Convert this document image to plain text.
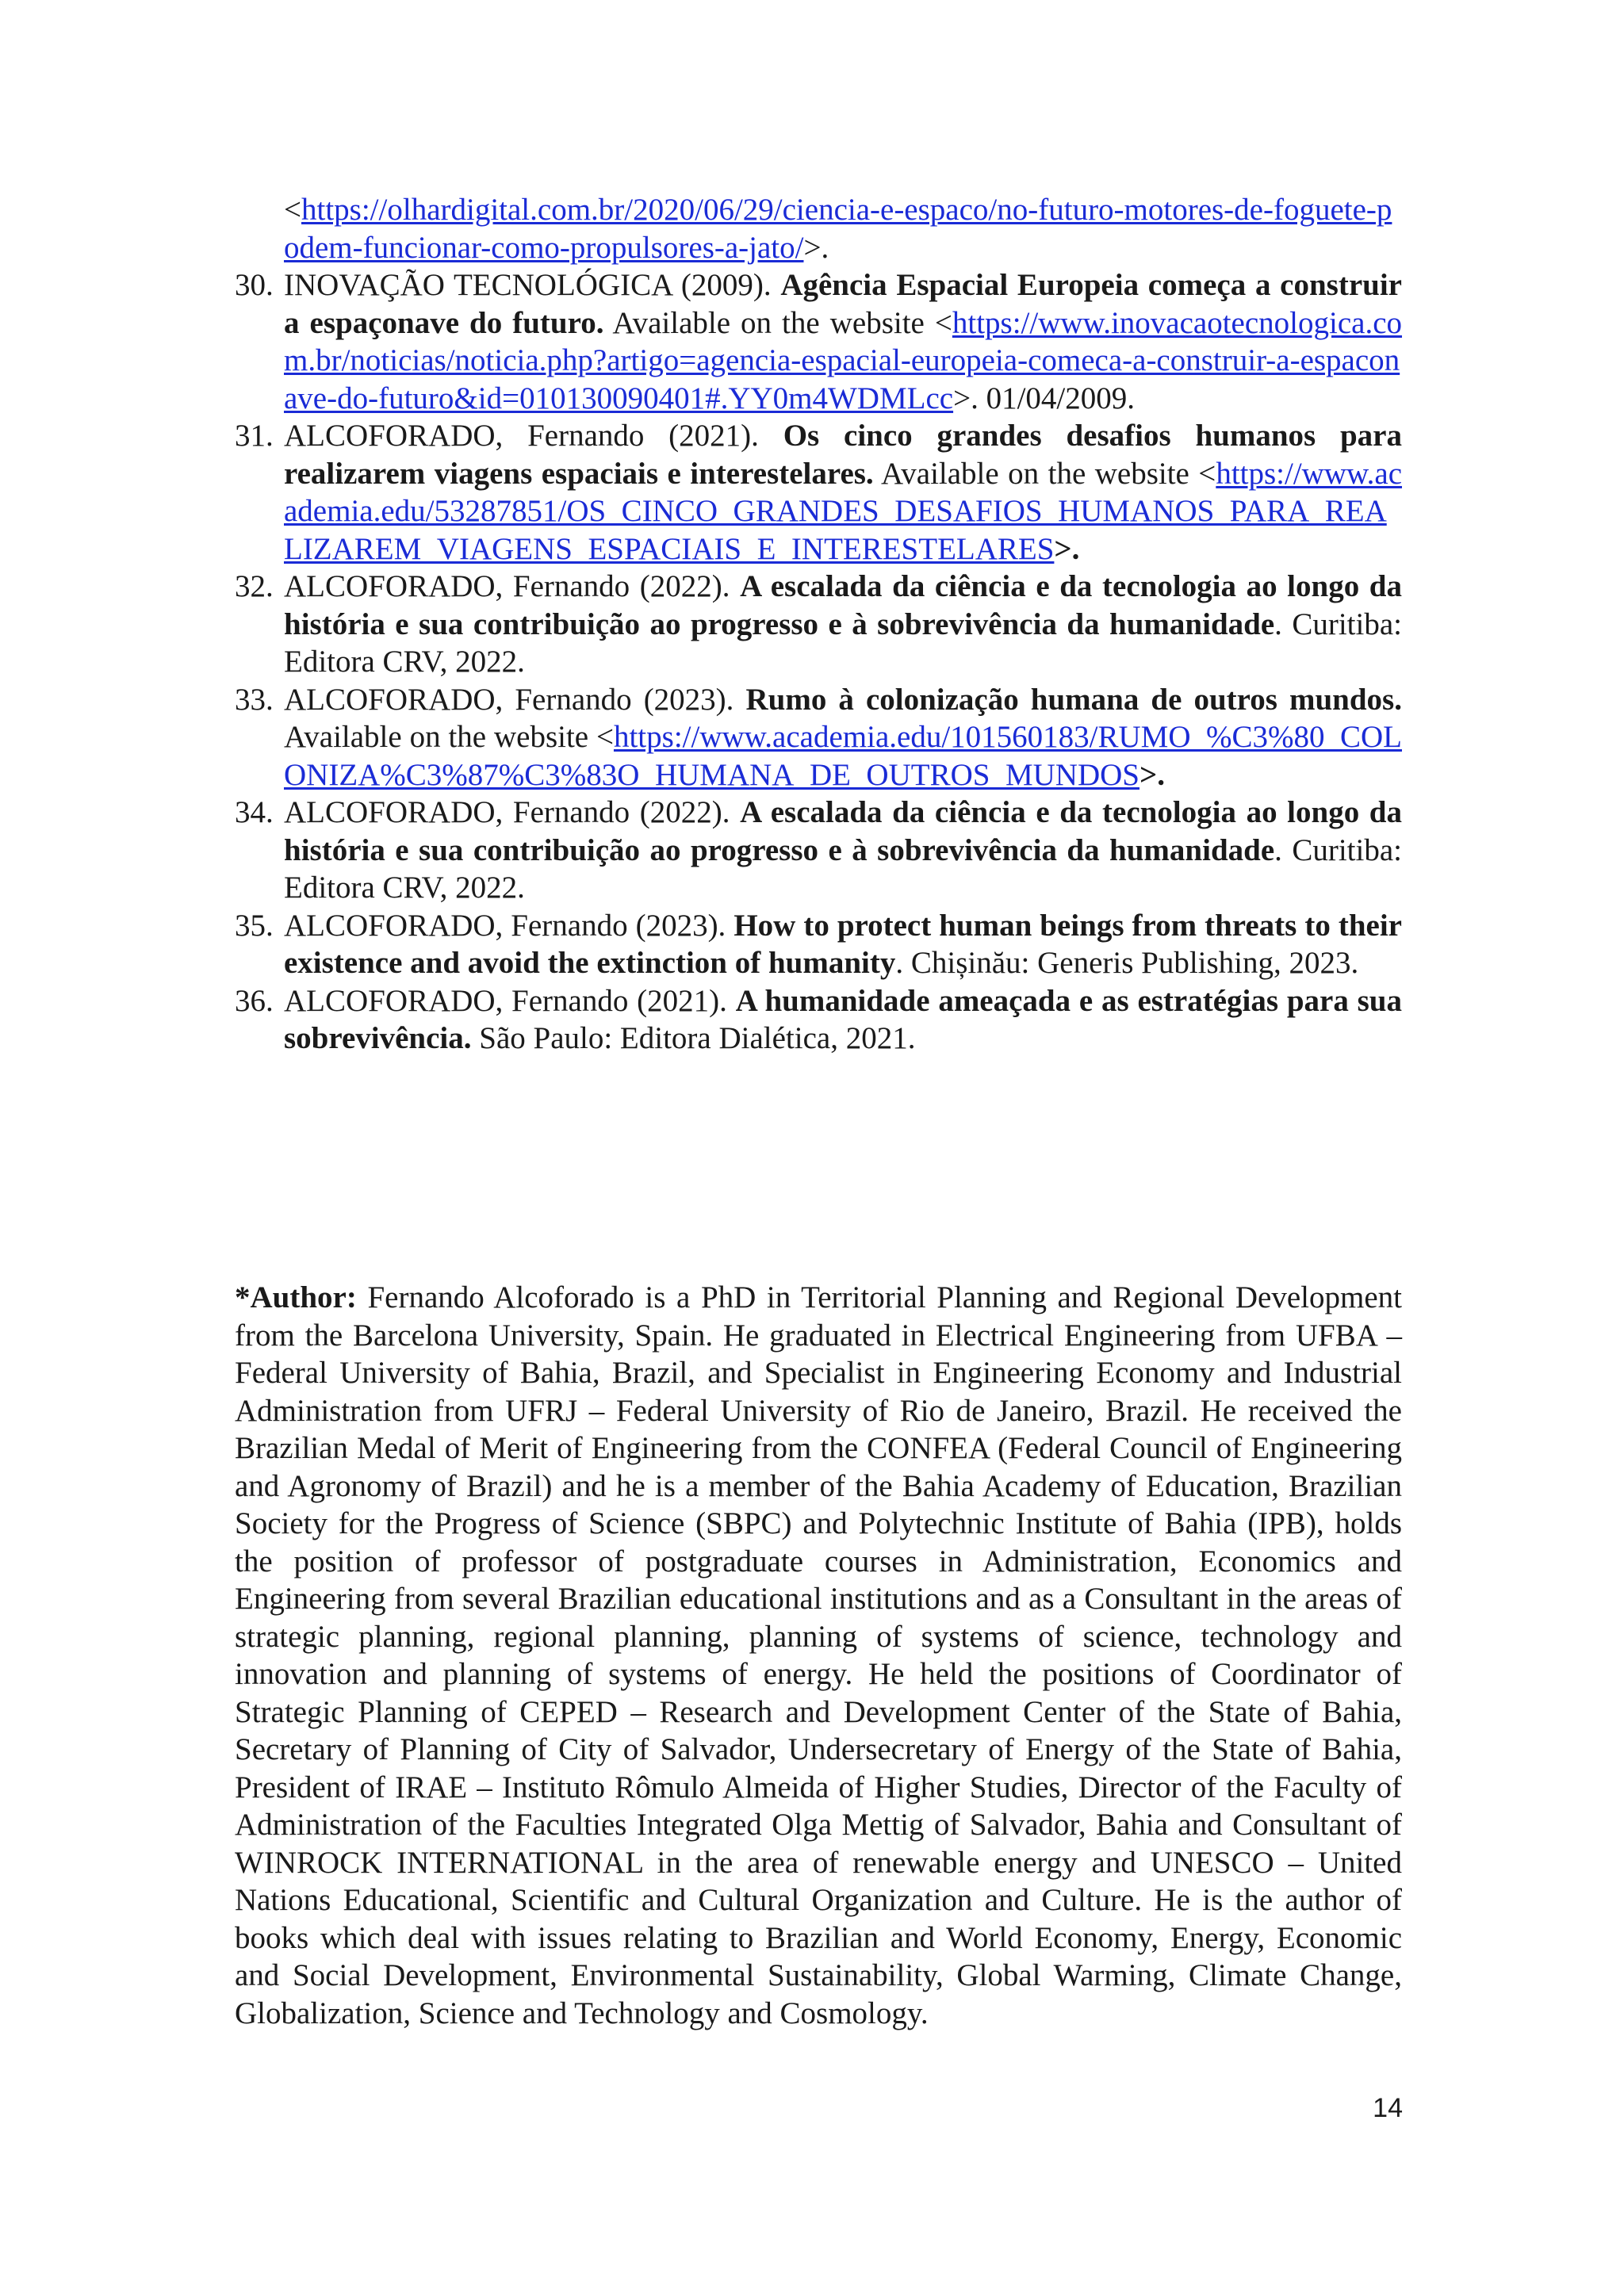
<https://olhardigital.com.br/2020/06/29/ciencia-e-espaco/no-futuro-motores-de-foguete-podem-funcionar-como-propulsores-a-jato/>.
30. INOVAÇÃO TECNOLÓGICA (2009). Agência Espacial Europeia começa a construir a espaçonave do futuro. Available on the website <https://www.inovacaotecnologica.com.br/noticias/noticia.php?artigo=agencia-espacial-europeia-comeca-a-construir-a-espaconave-do-futuro&id=010130090401#.YY0m4WDMLcc>. 01/04/2009.
31. ALCOFORADO, Fernando (2021). Os cinco grandes desafios humanos para realizarem viagens espaciais e interestelares. Available on the website <https://www.academia.edu/53287851/OS_CINCO_GRANDES_DESAFIOS_HUMANOS_PARA_REALIZAREM_VIAGENS_ESPACIAIS_E_INTERESTELARES>.
32. ALCOFORADO, Fernando (2022). A escalada da ciência e da tecnologia ao longo da história e sua contribuição ao progresso e à sobrevivência da humanidade. Curitiba: Editora CRV, 2022.
33. ALCOFORADO, Fernando (2023). Rumo à colonização humana de outros mundos. Available on the website <https://www.academia.edu/101560183/RUMO_%C3%80_COLONIZA%C3%87%C3%83O_HUMANA_DE_OUTROS_MUNDOS>.
34. ALCOFORADO, Fernando (2022). A escalada da ciência e da tecnologia ao longo da história e sua contribuição ao progresso e à sobrevivência da humanidade. Curitiba: Editora CRV, 2022.
35. ALCOFORADO, Fernando (2023). How to protect human beings from threats to their existence and avoid the extinction of humanity. Chișinău: Generis Publishing, 2023.
36. ALCOFORADO, Fernando (2021). A humanidade ameaçada e as estratégias para sua sobrevivência. São Paulo: Editora Dialética, 2021.

*Author: Fernando Alcoforado is a PhD in Territorial Planning and Regional Development from the Barcelona University, Spain. He graduated in Electrical Engineering from UFBA – Federal University of Bahia, Brazil, and Specialist in Engineering Economy and Industrial Administration from UFRJ – Federal University of Rio de Janeiro, Brazil. He received the Brazilian Medal of Merit of Engineering from the CONFEA (Federal Council of Engineering and Agronomy of Brazil) and he is a member of the Bahia Academy of Education, Brazilian Society for the Progress of Science (SBPC) and Polytechnic Institute of Bahia (IPB), holds the position of professor of postgraduate courses in Administration, Economics and Engineering from several Brazilian educational institutions and as a Consultant in the areas of strategic planning, regional planning, planning of systems of science, technology and innovation and planning of systems of energy. He held the positions of Coordinator of Strategic Planning of CEPED – Research and Development Center of the State of Bahia, Secretary of Planning of City of Salvador, Undersecretary of Energy of the State of Bahia, President of IRAE – Instituto Rômulo Almeida of Higher Studies, Director of the Faculty of Administration of the Faculties Integrated Olga Mettig of Salvador, Bahia and Consultant of WINROCK INTERNATIONAL in the area of renewable energy and UNESCO – United Nations Educational, Scientific and Cultural Organization and Culture. He is the author of books which deal with issues relating to Brazilian and World Economy, Energy, Economic and Social Development, Environmental Sustainability, Global Warming, Climate Change, Globalization, Science and Technology and Cosmology.

14
